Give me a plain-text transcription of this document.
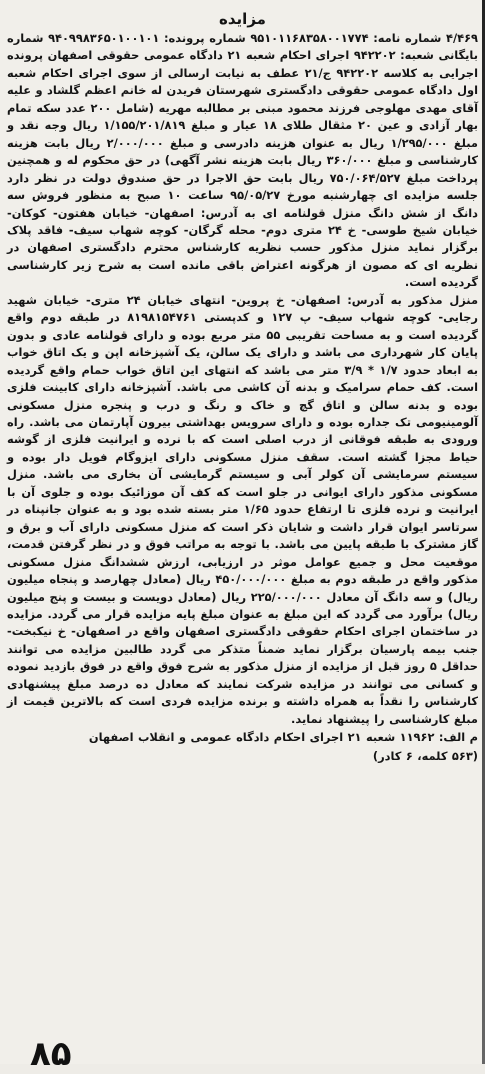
مزایده

۴/۴۶۹ شماره نامه: ۹۵۱۰۱۱۶۸۳۵۸۰۰۱۷۷۴ شماره پرونده: ۹۴۰۹۹۸۳۶۵۰۱۰۰۱۰۱ شماره بایگانی شعبه: ۹۴۲۲۰۲ اجرای احکام شعبه ۲۱ دادگاه عمومی حقوقی اصفهان پرونده اجرایی به کلاسه ۹۴۲۲۰۲ ج/۲۱ عطف به نیابت ارسالی از سوی اجرای احکام شعبه اول دادگاه عمومی حقوقی دادگستری شهرستان فریدن له خانم اعظم گلشاد و علیه آقای مهدی مهلوجی فرزند محمود مبنی بر مطالبه مهریه (شامل ۲۰۰ عدد سکه تمام بهار آزادی و عین ۲۰ مثقال طلای ۱۸ عیار و مبلغ ۱/۱۵۵/۲۰۱/۸۱۹ ریال وجه نقد و مبلغ ۱/۲۹۵/۰۰۰ ریال به عنوان هزینه دادرسی و مبلغ ۲/۰۰۰/۰۰۰ ریال بابت هزینه کارشناسی و مبلغ ۳۶۰/۰۰۰ ریال بابت هزینه نشر آگهی) در حق محکوم له و همچنین پرداخت مبلغ ۷۵۰/۰۶۴/۵۲۷ ریال بابت حق الاجرا در حق صندوق دولت در نظر دارد جلسه مزایده ای چهارشنبه مورخ ۹۵/۰۵/۲۷ ساعت ۱۰ صبح به منظور فروش سه دانگ از شش دانگ منزل قولنامه ای به آدرس: اصفهان- خیابان هفتون- کوکان- خیابان شیخ طوسی- خ ۲۴ متری دوم- محله گرگان- کوچه شهاب سیف- فاقد پلاک برگزار نماید منزل مذکور حسب نظریه کارشناس محترم دادگستری اصفهان در نظریه ای که مصون از هرگونه اعتراض باقی مانده است به شرح زیر کارشناسی گردیده است.

منزل مذکور به آدرس: اصفهان- خ پروین- انتهای خیابان ۲۴ متری- خیابان شهید رجایی- کوچه شهاب سیف- پ ۱۲۷ و کدپستی ۸۱۹۸۱۵۴۷۶۱ در طبقه دوم واقع گردیده است و به مساحت تقریبی ۵۵ متر مربع بوده و دارای قولنامه عادی و بدون پایان کار شهرداری می باشد و دارای یک سالن، یک آشپزخانه اپن و یک اتاق خواب به ابعاد حدود ۱/۷ * ۳/۹ متر می باشد که انتهای این اتاق خواب حمام واقع گردیده است. کف حمام سرامیک و بدنه آن کاشی می باشد. آشپزخانه دارای کابینت فلزی بوده و بدنه سالن و اتاق گچ و خاک و رنگ و درب و پنجره منزل مسکونی آلومینیومی تک جداره بوده و دارای سرویس بهداشتی بیرون آپارتمان می باشد. راه ورودی به طبقه فوقانی از درب اصلی است که با نرده و ایرانیت فلزی از گوشه حیاط مجزا گشته است. سقف منزل مسکونی دارای ایزوگام فویل دار بوده و سیستم سرمایشی آن کولر آبی و سیستم گرمایشی آن بخاری می باشد. منزل مسکونی مذکور دارای ایوانی در جلو است که کف آن موزائیک بوده و جلوی آن با ایرانیت و نرده فلزی تا ارتفاع حدود ۱/۶۵ متر بسته شده بود و به عنوان جانپناه در سرتاسر ایوان قرار داشت و شایان ذکر است که منزل مسکونی دارای آب و برق و گاز مشترک با طبقه پایین می باشد. با توجه به مراتب فوق و در نظر گرفتن قدمت، موقعیت محل و جمیع عوامل موثر در ارزیابی، ارزش ششدانگ منزل مسکونی مذکور واقع در طبقه دوم به مبلغ ۴۵۰/۰۰۰/۰۰۰ ریال (معادل چهارصد و پنجاه میلیون ریال) و سه دانگ آن معادل ۲۲۵/۰۰۰/۰۰۰ ریال (معادل دویست و بیست و پنج میلیون ریال) برآورد می گردد که این مبلغ به عنوان مبلغ پایه مزایده قرار می گردد. مزایده در ساختمان اجرای احکام حقوقی دادگستری اصفهان واقع در اصفهان- خ نیکبخت- جنب بیمه پارسیان برگزار نماید ضمناً متذکر می گردد طالبین مزایده می توانند حداقل ۵ روز قبل از مزایده از منزل مذکور به شرح فوق واقع در فوق بازدید نموده و کسانی می توانند در مزایده شرکت نمایند که معادل ده درصد مبلغ پیشنهادی کارشناس را نقداً به همراه داشته و برنده مزایده فردی است که بالاترین قیمت از مبلغ کارشناسی را پیشنهاد نماید.

م الف: ۱۱۹۶۲ شعبه ۲۱ اجرای احکام دادگاه عمومی و انقلاب اصفهان
(۵۶۳ کلمه، ۶ کادر)
۸۵
